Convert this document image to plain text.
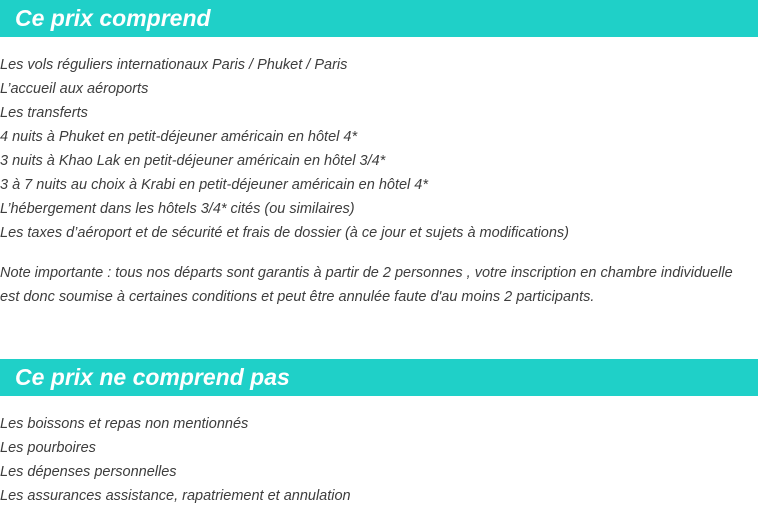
Ce prix comprend
Les vols réguliers internationaux Paris / Phuket / Paris
L’accueil aux aéroports
Les transferts
4 nuits à Phuket en petit-déjeuner américain en hôtel 4*
3 nuits à Khao Lak en petit-déjeuner américain en hôtel 3/4*
3 à 7 nuits au choix à Krabi en petit-déjeuner américain en hôtel 4*
L’hébergement dans les hôtels 3/4* cités (ou similaires)
Les taxes d’aéroport et de sécurité et frais de dossier (à ce jour et sujets à modifications)

Note importante : tous nos départs sont garantis à partir de 2 personnes , votre inscription en chambre individuelle est donc soumise à certaines conditions et peut être annulée faute d'au moins 2 participants.

Ce prix ne comprend pas
Les boissons et repas non mentionnés
Les pourboires
Les dépenses personnelles
Les assurances assistance, rapatriement et annulation
